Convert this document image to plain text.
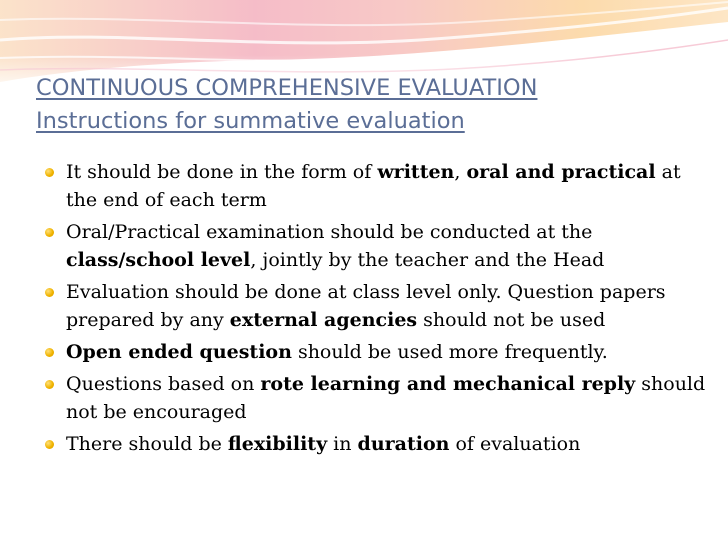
CONTINUOUS COMPREHENSIVE EVALUATION
Instructions for summative evaluation
It should be done in the form of written, oral and practical at the end of each term
Oral/Practical examination should be conducted at the class/school level, jointly by the teacher and the Head
Evaluation should be done at class level only. Question papers prepared by any external agencies should not be used
Open ended question should be used more frequently.
Questions based on rote learning and mechanical reply should not be encouraged
There should be flexibility in duration of evaluation
